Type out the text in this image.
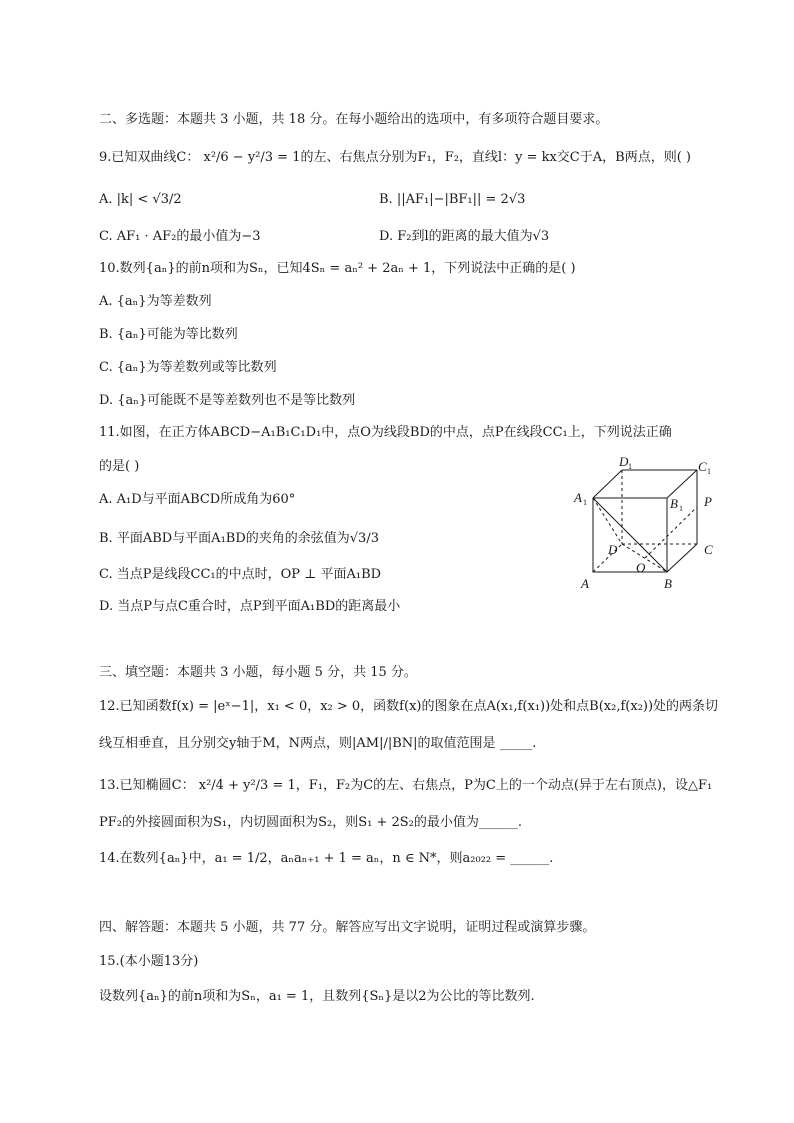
二、多选题：本题共 3 小题，共 18 分。在每小题给出的选项中，有多项符合题目要求。
9.已知双曲线C： x²/6 − y²/3 = 1的左、右焦点分别为F₁，F₂，直线l：y = kx交C于A，B两点，则( )
A. |k| < √3/2	B. ||AF₁|−|BF₁|| = 2√3
C. AF₁ · AF₂的最小值为−3	D. F₂到l的距离的最大值为√3
10.数列{aₙ}的前n项和为Sₙ，已知4Sₙ = aₙ² + 2aₙ + 1，下列说法中正确的是( )
A. {aₙ}为等差数列
B. {aₙ}可能为等比数列
C. {aₙ}为等差数列或等比数列
D. {aₙ}可能既不是等差数列也不是等比数列
11.如图，在正方体ABCD−A₁B₁C₁D₁中，点O为线段BD的中点，点P在线段CC₁上，下列说法正确
的是( )
A. A₁D与平面ABCD所成角为60°
B. 平面ABD与平面A₁BD的夹角的余弦值为√3/3
C. 当点P是线段CC₁的中点时，OP ⊥ 平面A₁BD
D. 当点P与点C重合时，点P到平面A₁BD的距离最小
D 1	C 1
A 1	B 1 P
D	C
O
A	B
三、填空题：本题共 3 小题，每小题 5 分，共 15 分。
12.已知函数f(x) = |eˣ−1|，x₁ < 0，x₂ > 0，函数f(x)的图象在点A(x₁,f(x₁))处和点B(x₂,f(x₂))处的两条切
线互相垂直，且分别交y轴于M，N两点，则|AM|/|BN|的取值范围是 _____.
13.已知椭圆C： x²/4 + y²/3 = 1，F₁，F₂为C的左、右焦点，P为C上的一个动点(异于左右顶点)，设△F₁
PF₂的外接圆面积为S₁，内切圆面积为S₂，则S₁ + 2S₂的最小值为______.
14.在数列{aₙ}中，a₁ = 1/2，aₙaₙ₊₁ + 1 = aₙ，n ∈ N*，则a₂₀₂₂ = ______.
四、解答题：本题共 5 小题，共 77 分。解答应写出文字说明，证明过程或演算步骤。
15.(本小题13分)
设数列{aₙ}的前n项和为Sₙ，a₁ = 1，且数列{Sₙ}是以2为公比的等比数列.
